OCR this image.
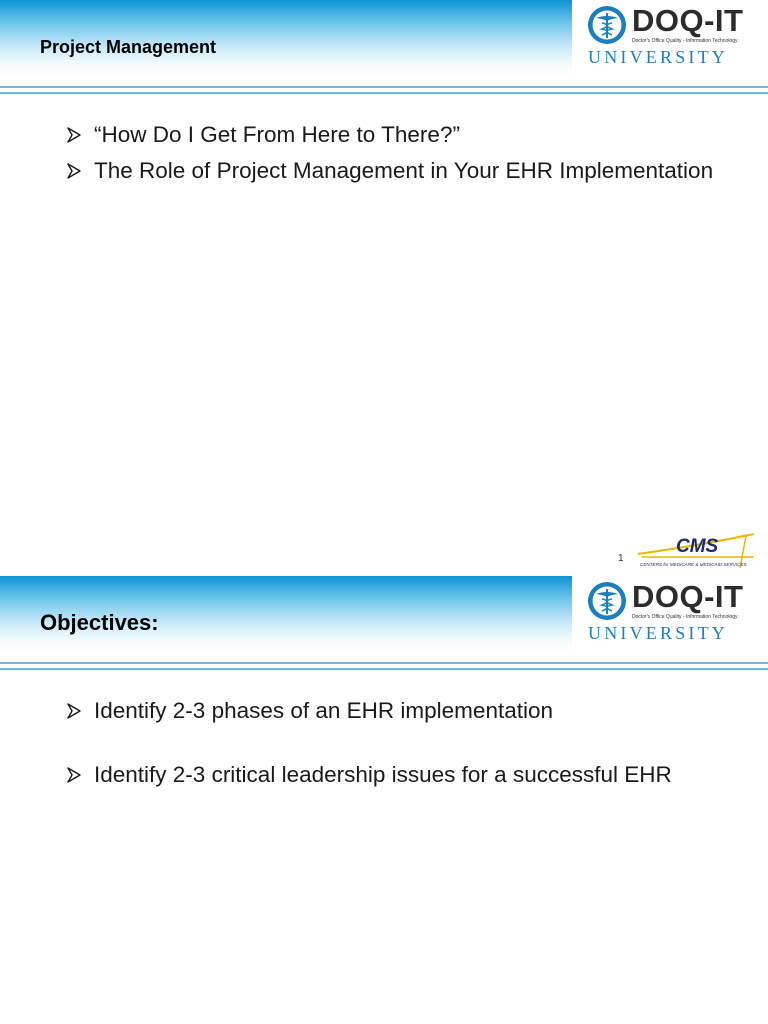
Project Management
DOQ-IT
Doctor's Office Quality - Information Technology
UNIVERSITY
“How Do I Get From Here to There?”
The Role of Project Management in Your EHR Implementation
1
CMS
CENTERS for MEDICARE & MEDICAID SERVICES
Objectives:
DOQ-IT
Doctor's Office Quality - Information Technology
UNIVERSITY
Identify 2-3 phases of an EHR implementation
Identify 2-3 critical leadership issues for a successful EHR
